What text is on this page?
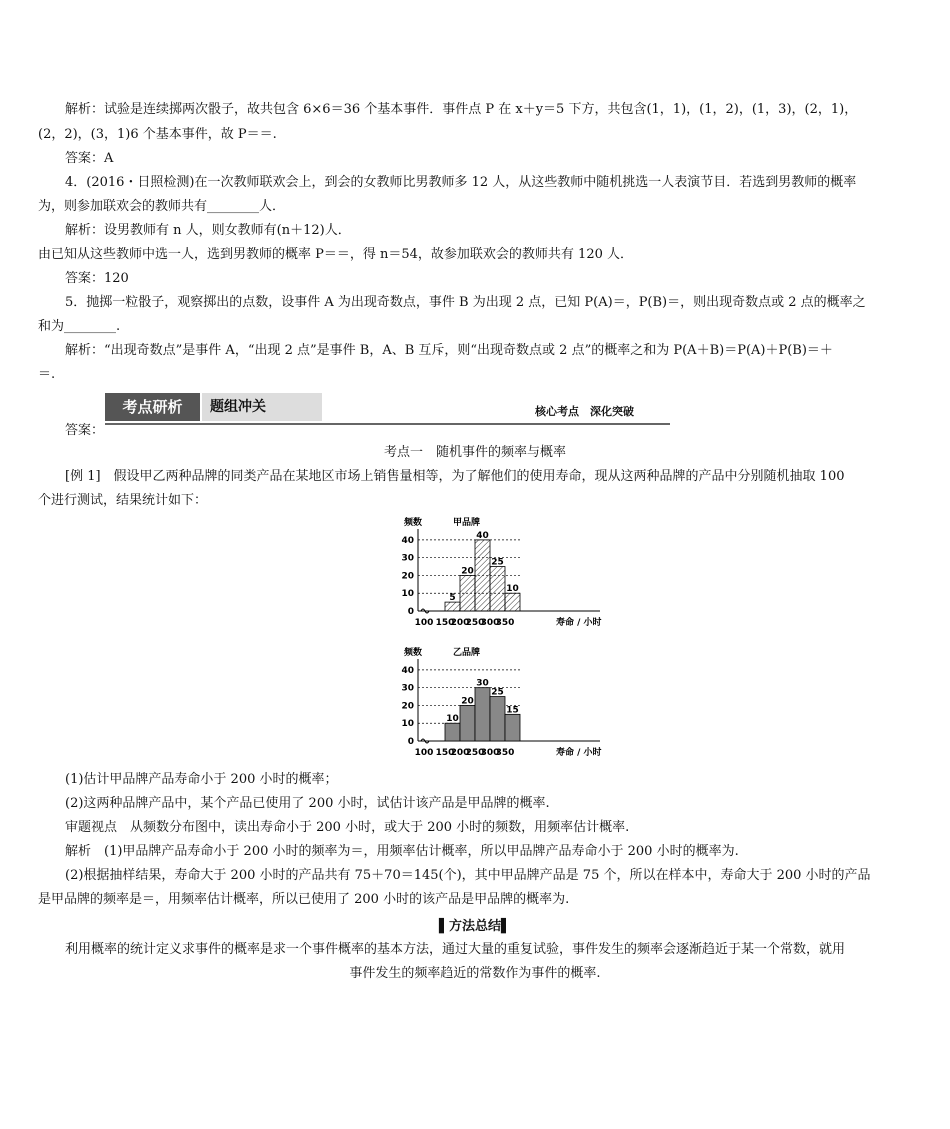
解析：试验是连续掷两次骰子，故共包含 6×6＝36 个基本事件．事件点 P 在 x＋y＝5 下方，共包含(1，1)，(1，2)，(1，3)，(2，1)，
(2，2)，(3，1)6 个基本事件，故 P＝＝.
答案：A
4．(2016・日照检测)在一次教师联欢会上，到会的女教师比男教师多 12 人，从这些教师中随机挑选一人表演节目．若选到男教师的概率
为，则参加联欢会的教师共有________人．
解析：设男教师有 n 人，则女教师有(n＋12)人．
由已知从这些教师中选一人，选到男教师的概率 P＝＝，得 n＝54，故参加联欢会的教师共有 120 人．
答案：120
5．抛掷一粒骰子，观察掷出的点数，设事件 A 为出现奇数点，事件 B 为出现 2 点，已知 P(A)＝，P(B)＝，则出现奇数点或 2 点的概率之
和为________.
解析：“出现奇数点”是事件 A，“出现 2 点”是事件 B，A、B 互斥，则“出现奇数点或 2 点”的概率之和为 P(A＋B)＝P(A)＋P(B)＝＋
＝.
考点研析	题组冲关	核心考点　深化突破
答案：
考点一　随机事件的频率与概率
[例 1]　假设甲乙两种品牌的同类产品在某地区市场上销售量相等，为了解他们的使用寿命，现从这两种品牌的产品中分别随机抽取 100
个进行测试，结果统计如下：
0
10
20
30
40
5
20
40
25
10
100 150
200
250
300
350
频数
寿命 / 小时
甲品牌
0
10
20
30
40
10
20
30
25
15
100 150
200
250
300
350
频数
寿命 / 小时
乙品牌
(1)估计甲品牌产品寿命小于 200 小时的概率；
(2)这两种品牌产品中，某个产品已使用了 200 小时，试估计该产品是甲品牌的概率.
审题视点　从频数分布图中，读出寿命小于 200 小时，或大于 200 小时的频数，用频率估计概率.
解析　(1)甲品牌产品寿命小于 200 小时的频率为＝，用频率估计概率，所以甲品牌产品寿命小于 200 小时的概率为.
(2)根据抽样结果，寿命大于 200 小时的产品共有 75＋70＝145(个)，其中甲品牌产品是 75 个，所以在样本中，寿命大于 200 小时的产品
是甲品牌的频率是＝，用频率估计概率，所以已使用了 200 小时的该产品是甲品牌的概率为.
▌方法总结▌
利用概率的统计定义求事件的概率是求一个事件概率的基本方法，通过大量的重复试验，事件发生的频率会逐渐趋近于某一个常数，就用
事件发生的频率趋近的常数作为事件的概率.
